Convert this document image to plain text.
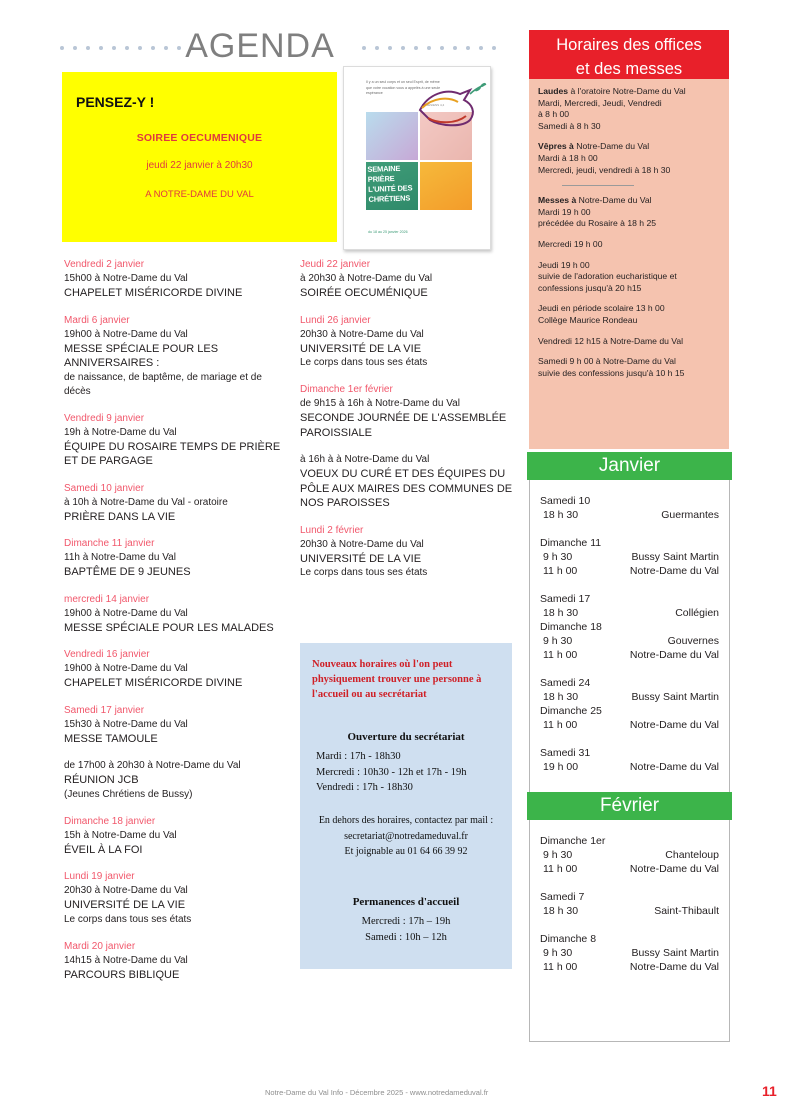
AGENDA
PENSEZ-Y !
SOIREE OECUMENIQUE
jeudi 22 janvier à 20h30
A NOTRE-DAME DU VAL
Il y a un seul corps et un seul Esprit, de même que votre vocation vous a appelés à une seule espérance
EPHÉSIENS 4,4
SEMAINE PRIÈRE L'UNITÉ DES CHRÉTIENS
du 18 au 25 janvier 2026
Vendredi 2 janvier
15h00 à Notre-Dame du Val
CHAPELET MISÉRICORDE DIVINE
Mardi 6 janvier
19h00 à Notre-Dame du Val
MESSE SPÉCIALE POUR LES ANNIVERSAIRES :
de naissance, de baptême, de mariage et de décès
Vendredi 9 janvier
19h à Notre-Dame du Val
ÉQUIPE DU ROSAIRE TEMPS DE PRIÈRE ET DE PARGAGE
Samedi 10 janvier
à 10h à Notre-Dame du Val - oratoire
PRIÈRE DANS LA VIE
Dimanche 11 janvier
11h à Notre-Dame du Val
BAPTÊME DE 9 JEUNES
mercredi 14 janvier
19h00 à Notre-Dame du Val
MESSE SPÉCIALE POUR LES MALADES
Vendredi 16 janvier
19h00 à Notre-Dame du Val
CHAPELET MISÉRICORDE DIVINE
Samedi 17 janvier
15h30 à Notre-Dame du Val
MESSE TAMOULE
de 17h00 à 20h30 à Notre-Dame du Val
RÉUNION JCB
(Jeunes Chrétiens de Bussy)
Dimanche 18 janvier
15h à Notre-Dame du Val
ÉVEIL À LA FOI
Lundi 19 janvier
20h30 à Notre-Dame du Val
UNIVERSITÉ DE LA VIE
Le corps dans tous ses états
Mardi 20 janvier
14h15 à Notre-Dame du Val
PARCOURS BIBLIQUE
Jeudi 22 janvier
à 20h30 à Notre-Dame du Val
SOIRÉE OECUMÉNIQUE
Lundi 26 janvier
20h30 à Notre-Dame du Val
UNIVERSITÉ DE LA VIE
Le corps dans tous ses états
Dimanche 1er février
de 9h15 à 16h à Notre-Dame du Val
SECONDE JOURNÉE DE L'ASSEMBLÉE PAROISSIALE
à 16h à à Notre-Dame du Val
VOEUX DU CURÉ ET DES ÉQUIPES DU PÔLE AUX MAIRES DES COMMUNES DE NOS PAROISSES
Lundi 2 février
20h30 à Notre-Dame du Val
UNIVERSITÉ DE LA VIE
Le corps dans tous ses états
Nouveaux horaires où l'on peut physiquement trouver une personne à l'accueil ou au secrétariat
Ouverture du secrétariat
Mardi : 17h - 18h30
Mercredi : 10h30 - 12h et 17h - 19h
Vendredi : 17h - 18h30
En dehors des horaires, contactez par mail :
secretariat@notredameduval.fr
Et joignable au 01 64 66 39 92
Permanences d'accueil
Mercredi : 17h – 19h
Samedi : 10h – 12h
Horaires des offices
et des messes
Laudes à l'oratoire Notre-Dame du Val
Mardi, Mercredi, Jeudi, Vendredi
à 8 h 00
Samedi à 8 h 30
Vêpres à Notre-Dame du Val
Mardi à 18 h 00
Mercredi, jeudi, vendredi à 18 h 30
Messes à Notre-Dame du Val
Mardi 19 h 00
précédée du Rosaire à 18 h 25
Mercredi 19 h 00
Jeudi 19 h 00
suivie de l'adoration eucharistique et
confessions jusqu'à 20 h15
Jeudi en période scolaire 13 h 00
Collège Maurice Rondeau
Vendredi 12 h15 à Notre-Dame du Val
Samedi 9 h 00 à Notre-Dame du Val
suivie des confessions jusqu'à 10 h 15
Janvier
Samedi 10
18 h 30	Guermantes
Dimanche 11
9 h 30	Bussy Saint Martin
11 h 00	Notre-Dame du Val
Samedi 17
18 h 30	Collégien
Dimanche 18
9 h 30	Gouvernes
11 h 00	Notre-Dame du Val
Samedi 24
18 h 30	Bussy Saint Martin
Dimanche 25
11 h 00	Notre-Dame du Val
Samedi 31
19 h 00	Notre-Dame du Val
Février
Dimanche 1er
9 h 30	Chanteloup
11 h 00	Notre-Dame du Val
Samedi 7
18 h 30	Saint-Thibault
Dimanche 8
9 h 30	Bussy Saint Martin
11 h 00	Notre-Dame du Val
Notre-Dame du Val Info - Décembre 2025 - www.notredameduval.fr	11
